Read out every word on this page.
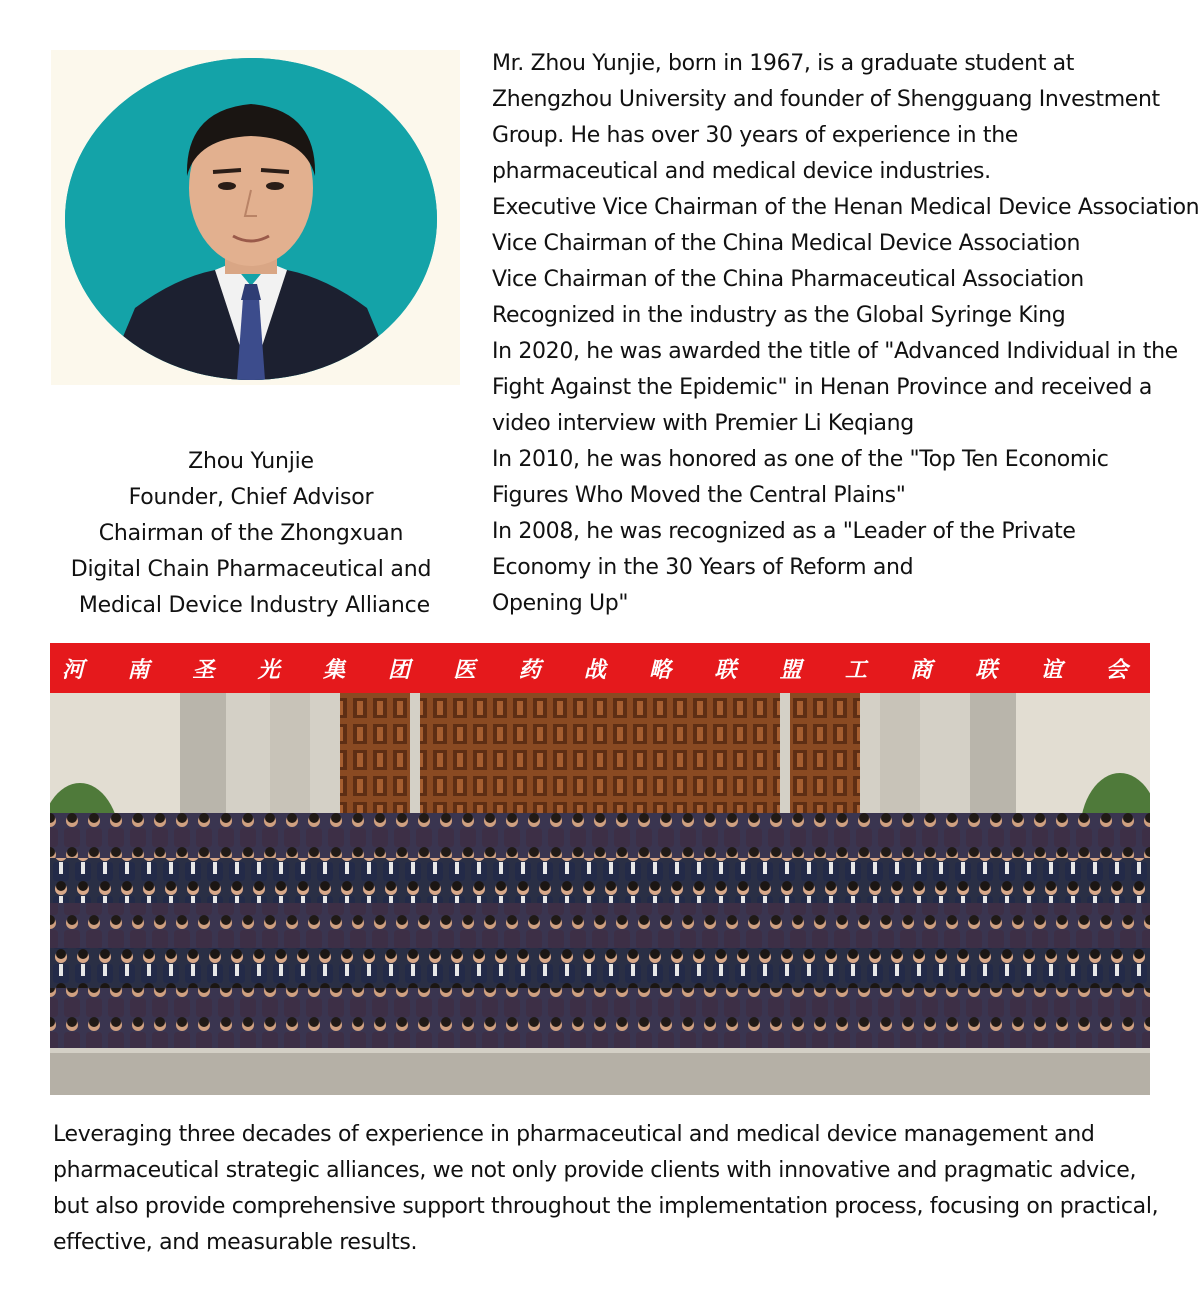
Zhou Yunjie
Founder, Chief Advisor
Chairman of the Zhongxuan
Digital Chain Pharmaceutical and
Medical Device Industry Alliance
Mr. Zhou Yunjie, born in 1967, is a graduate student at
Zhengzhou University and founder of Shengguang Investment
Group. He has over 30 years of experience in the
pharmaceutical and medical device industries.
Executive Vice Chairman of the Henan Medical Device Association
Vice Chairman of the China Medical Device Association
Vice Chairman of the China Pharmaceutical Association
Recognized in the industry as the Global Syringe King
In 2020, he was awarded the title of "Advanced Individual in the
Fight Against the Epidemic" in Henan Province and received a
video interview with Premier Li Keqiang
In 2010, he was honored as one of the "Top Ten Economic
Figures Who Moved the Central Plains"
In 2008, he was recognized as a "Leader of the Private
Economy in the 30 Years of Reform and
Opening Up"
河 南 圣 光 集 团 医 药 战 略 联 盟 工 商 联 谊 会
Leveraging three decades of experience in pharmaceutical and medical device management and
pharmaceutical strategic alliances, we not only provide clients with innovative and pragmatic advice,
but also provide comprehensive support throughout the implementation process, focusing on practical,
effective, and measurable results.
